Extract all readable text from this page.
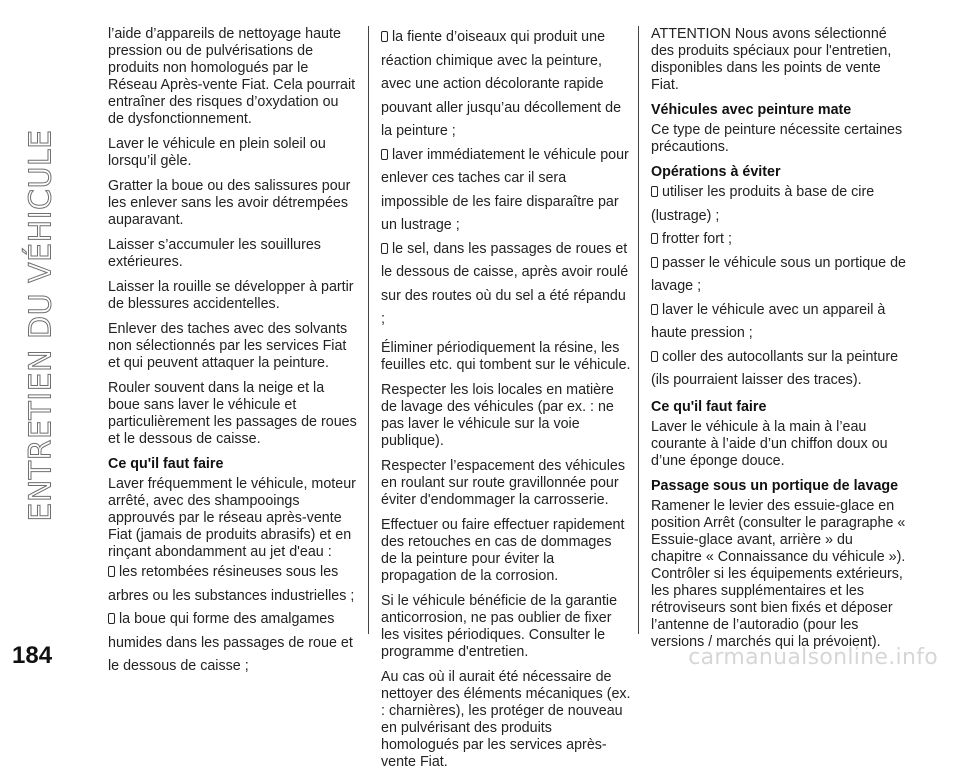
ENTRETIEN DU VÉHICULE

l’aide d’appareils de nettoyage haute pression ou de pulvérisations de produits non homologués par le Réseau Après-vente Fiat. Cela pourrait entraîner des risques d’oxydation ou de dysfonctionnement.

Laver le véhicule en plein soleil ou lorsqu’il gèle.

Gratter la boue ou des salissures pour les enlever sans les avoir détrempées auparavant.

Laisser s’accumuler les souillures extérieures.

Laisser la rouille se développer à partir de blessures accidentelles.

Enlever des taches avec des solvants non sélectionnés par les services Fiat et qui peuvent attaquer la peinture.

Rouler souvent dans la neige et la boue sans laver le véhicule et particulièrement les passages de roues et le dessous de caisse.

Ce qu'il faut faire

Laver fréquemment le véhicule, moteur arrêté, avec des shampooings approuvés par le réseau après-vente Fiat (jamais de produits abrasifs) et en rinçant abondamment au jet d'eau :

les retombées résineuses sous les arbres ou les substances industrielles ;
la boue qui forme des amalgames humides dans les passages de roue et le dessous de caisse ;
la fiente d’oiseaux qui produit une réaction chimique avec la peinture, avec une action décolorante rapide pouvant aller jusqu’au décollement de la peinture ;
laver immédiatement le véhicule pour enlever ces taches car il sera impossible de les faire disparaître par un lustrage ;
le sel, dans les passages de roues et le dessous de caisse, après avoir roulé sur des routes où du sel a été répandu ;

Éliminer périodiquement la résine, les feuilles etc. qui tombent sur le véhicule.

Respecter les lois locales en matière de lavage des véhicules (par ex. : ne pas laver le véhicule sur la voie publique).

Respecter l’espacement des véhicules en roulant sur route gravillonnée pour éviter d'endommager la carrosserie.

Effectuer ou faire effectuer rapidement des retouches en cas de dommages de la peinture pour éviter la propagation de la corrosion.

Si le véhicule bénéficie de la garantie anticorrosion, ne pas oublier de fixer les visites périodiques. Consulter le programme d'entretien.

Au cas où il aurait été nécessaire de nettoyer des éléments mécaniques (ex. : charnières), les protéger de nouveau en pulvérisant des produits homologués par les services après-vente Fiat.

ATTENTION Nous avons sélectionné des produits spéciaux pour l'entretien, disponibles dans les points de vente Fiat.

Véhicules avec peinture mate

Ce type de peinture nécessite certaines précautions.

Opérations à éviter
utiliser les produits à base de cire (lustrage) ;
frotter fort ;
passer le véhicule sous un portique de lavage ;
laver le véhicule avec un appareil à haute pression ;
coller des autocollants sur la peinture (ils pourraient laisser des traces).
Ce qu'il faut faire

Laver le véhicule à la main à l’eau courante à l’aide d’un chiffon doux ou d’une éponge douce.

Passage sous un portique de lavage

Ramener le levier des essuie-glace en position Arrêt (consulter le paragraphe « Essuie-glace avant, arrière » du chapitre « Connaissance du véhicule »). Contrôler si les équipements extérieurs, les phares supplémentaires et les rétroviseurs sont bien fixés et déposer l’antenne de l’autoradio (pour les versions / marchés qui la prévoient).

184	carmanualsonline.info
